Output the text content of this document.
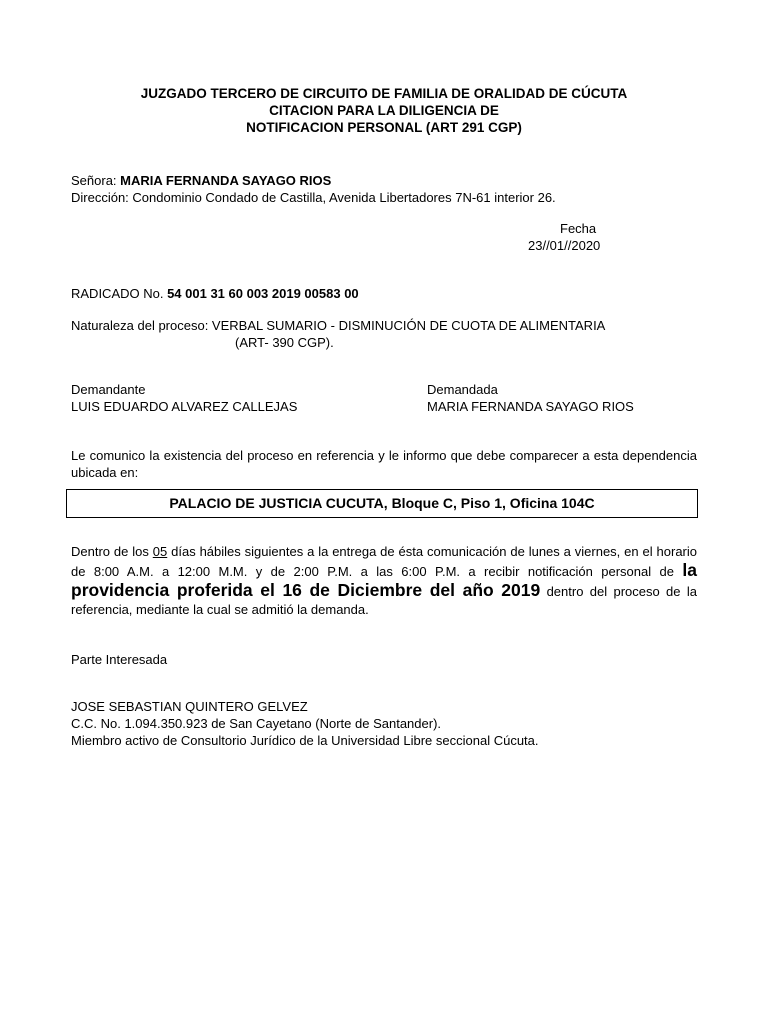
JUZGADO TERCERO DE CIRCUITO DE FAMILIA DE ORALIDAD DE CÚCUTA
CITACION PARA LA DILIGENCIA DE
NOTIFICACION PERSONAL (ART 291 CGP)
Señora: MARIA FERNANDA SAYAGO RIOS
Dirección: Condominio Condado de Castilla, Avenida Libertadores 7N-61 interior 26.
Fecha
23//01//2020
RADICADO No. 54 001 31 60 003 2019 00583 00
Naturaleza del proceso: VERBAL SUMARIO - DISMINUCIÓN DE CUOTA DE ALIMENTARIA
(ART- 390 CGP).
Demandante
LUIS EDUARDO ALVAREZ CALLEJAS
Demandada
MARIA FERNANDA SAYAGO RIOS
Le comunico la existencia del proceso en referencia y le informo que debe comparecer a esta dependencia ubicada en:
PALACIO DE JUSTICIA CUCUTA, Bloque C, Piso 1, Oficina 104C
Dentro de los 05 días hábiles siguientes a la entrega de ésta comunicación de lunes a viernes, en el horario de 8:00 A.M. a 12:00 M.M. y de 2:00 P.M. a las 6:00 P.M. a recibir notificación personal de la providencia proferida el 16 de Diciembre del año 2019 dentro del proceso de la referencia, mediante la cual se admitió la demanda.
Parte Interesada
JOSE SEBASTIAN QUINTERO GELVEZ
C.C. No. 1.094.350.923 de San Cayetano (Norte de Santander).
Miembro activo de Consultorio Jurídico de la Universidad Libre seccional Cúcuta.
